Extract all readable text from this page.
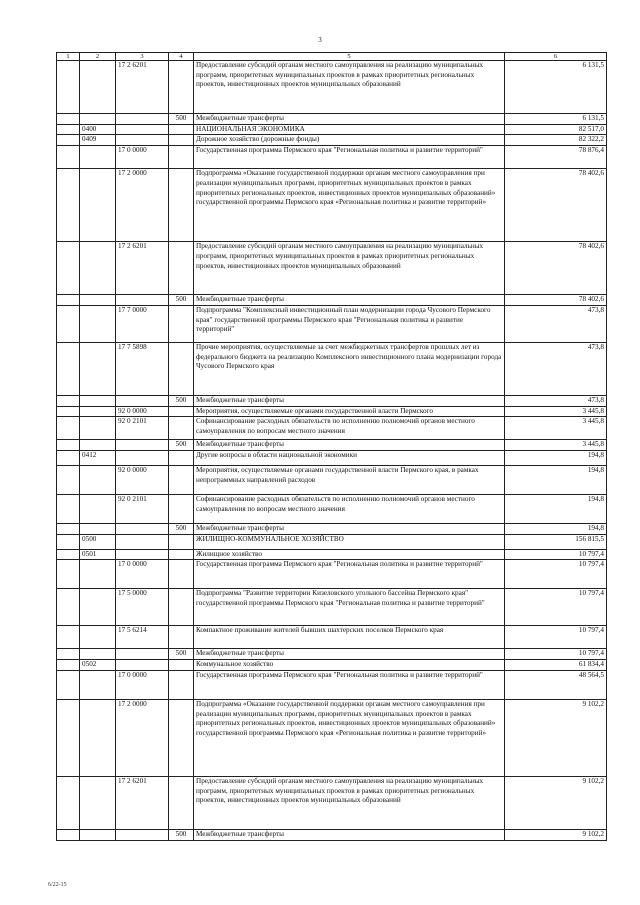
3
1	2	3	4	5	6
		17 2 6201		Предоставление субсидий органам местного самоуправления на реализацию муниципальных программ, приоритетных муниципальных проектов в рамках приоритетных региональных проектов, инвестиционных проектов муниципальных образований	6 131,5
			500	Межбюджетные трансферты	6 131,5
	0400			НАЦИОНАЛЬНАЯ ЭКОНОМИКА	82 517,0
	0409			Дорожное хозяйство (дорожные фонды)	82 322,2
		17 0 0000		Государственная программа Пермского края "Региональная политика и развитие территорий"	78 876,4
		17 2 0000		Подпрограмма «Оказание государственной поддержки органам местного самоуправления при реализации муниципальных программ, приоритетных муниципальных проектов в рамках приоритетных региональных проектов, инвестиционных проектов муниципальных образований» государственной программы Пермского края «Региональная политика и развитие территорий»	78 402,6
		17 2 6201		Предоставление субсидий органам местного самоуправления на реализацию муниципальных программ, приоритетных муниципальных проектов в рамках приоритетных региональных проектов, инвестиционных проектов муниципальных образований	78 402,6
			500	Межбюджетные трансферты	78 402,6
		17 7 0000		Подпрограмма "Комплексный инвестиционный план модернизации города Чусового Пермского края" государственной программы Пермского края "Региональная политика и развитие территорий"	473,8
		17 7 5898		Прочие мероприятия, осуществляемые за счет межбюджетных трансфертов прошлых лет из федерального бюджета на реализацию Комплексного инвестиционного плана модернизации города Чусового Пермского края	473,8
			500	Межбюджетные трансферты	473,8
		92 0 0000		Мероприятия, осуществляемые органами государственной власти Пермского	3 445,8
		92 0 2101		Софинансирование расходных обязательств по исполнению полномочий органов местного самоуправления по вопросам местного значения	3 445,8
			500	Межбюджетные трансферты	3 445,8
	0412			Другие вопросы в области национальной экономики	194,8
		92 0 0000		Мероприятия, осуществляемые органами государственной власти Пермского края, в рамках непрограммных направлений расходов	194,8
		92 0 2101		Софинансирование расходных обязательств по исполнению полномочий органов местного самоуправления по вопросам местного значения	194,8
			500	Межбюджетные трансферты	194,8
	0500			ЖИЛИЩНО-КОММУНАЛЬНОЕ ХОЗЯЙСТВО	156 815,5
	0501			Жилищное хозяйство	10 797,4
		17 0 0000		Государственная программа Пермского края "Региональная политика и развитие территорий"	10 797,4
		17 5 0000		Подпрограмма "Развитие территории Кизеловского угольного бассейна Пермского края" государственной программы Пермского края "Региональная политика и развитие территорий"	10 797,4
		17 5 6214		Компактное проживание жителей бывших шахтерских поселков Пермского края	10 797,4
			500	Межбюджетные трансферты	10 797,4
	0502			Коммунальное хозяйство	61 834,4
		17 0 0000		Государственная программа Пермского края "Региональная политика и развитие территорий"	48 564,5
		17 2 0000		Подпрограмма «Оказание государственной поддержки органам местного самоуправления при реализации муниципальных программ, приоритетных муниципальных проектов в рамках приоритетных региональных проектов, инвестиционных проектов муниципальных образований» государственной программы Пермского края «Региональная политика и развитие территорий»	9 102,2
		17 2 6201		Предоставление субсидий органам местного самоуправления на реализацию муниципальных программ, приоритетных муниципальных проектов в рамках приоритетных региональных проектов, инвестиционных проектов муниципальных образований	9 102,2
			500	Межбюджетные трансферты	9 102,2
6/22-15
